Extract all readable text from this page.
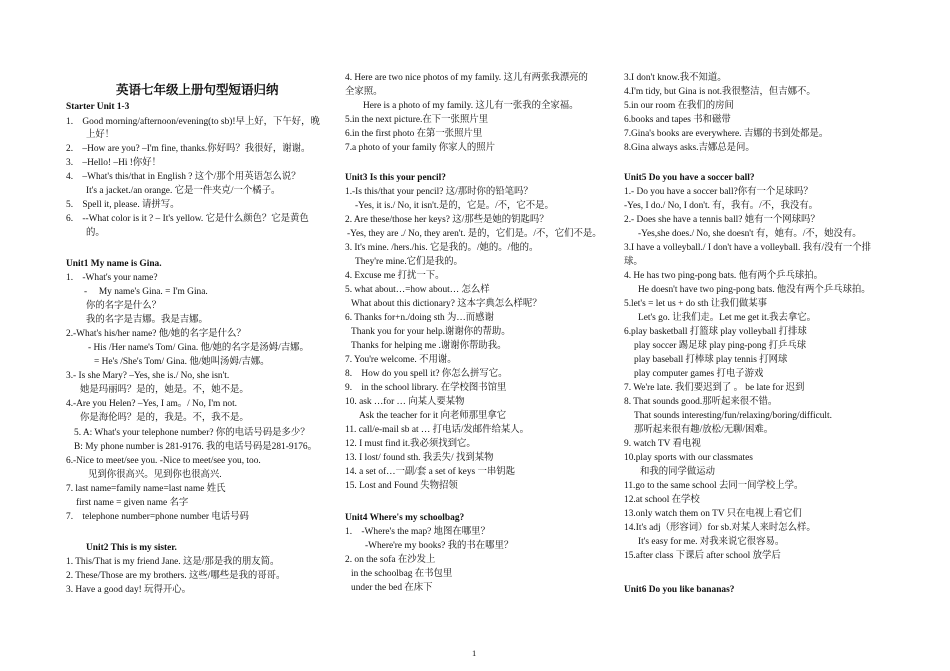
英语七年级上册句型短语归纳
Starter Unit 1-3
1.　Good morning/afternoon/evening(to sb)!早上好，下午好，晚
上好！
2.　–How are you? –I'm fine, thanks.你好吗？我很好，谢谢。
3.　–Hello! –Hi !你好！
4.　–What's this/that in English ? 这个/那个用英语怎么说？
It's a jacket./an orange. 它是一件夹克/一个橘子。
5.　Spell it, please. 请拼写。
6.　--What color is it ? – It's yellow. 它是什么颜色？它是黄色
的。
Unit1 My name is Gina.
1.　-What's your name?
-　 My name's Gina. = I'm Gina.
你的名字是什么？
我的名字是吉娜。我是吉娜。
2.-What's his/her name? 他/她的名字是什么？
- His /Her name's Tom/ Gina. 他/她的名字是汤姆/吉娜。
= He's /She's Tom/ Gina. 他/她叫汤姆/吉娜。
3.- Is she Mary? –Yes, she is./ No, she isn't.
她是玛丽吗？是的，她是。不，她不是。
4.-Are you Helen? –Yes, I am。/ No, I'm not.
你是海伦吗？是的，我是。不，我不是。
5. A: What's your telephone number? 你的电话号码是多少？
B: My phone number is 281-9176. 我的电话号码是281-9176。
6.-Nice to meet/see you. -Nice to meet/see you, too.
见到你很高兴。见到你也很高兴.
7. last name=family name=last name 姓氏
first name = given name 名字
7.　telephone number=phone number 电话号码
Unit2 This is my sister.
1. This/That is my friend Jane. 这是/那是我的朋友简。
2. These/Those are my brothers. 这些/哪些是我的哥哥。
3. Have a good day! 玩得开心。
4. Here are two nice photos of my family. 这儿有两张我漂亮的
全家照。
Here is a photo of my family. 这儿有一张我的全家福。
5.in the next picture.在下一张照片里
6.in the first photo 在第一张照片里
7.a photo of your family 你家人的照片
Unit3 Is this your pencil?
1.-Is this/that your pencil? 这/那时你的铅笔吗？
-Yes, it is./ No, it isn't.是的，它是。/不，它不是。
2. Are these/those her keys? 这/那些是她的钥匙吗？
-Yes, they are ./ No, they aren't. 是的，它们是。/不，它们不是。
3. It's mine. /hers./his. 它是我的。/她的。/他的。
They're mine.它们是我的。
4. Excuse me 打扰一下。
5. what about…=how about… 怎么样
What about this dictionary? 这本字典怎么样呢？
6. Thanks for+n./doing sth 为…而感谢
Thank you for your help.谢谢你的帮助。
Thanks for helping me .谢谢你帮助我。
7. You're welcome. 不用谢。
8.　How do you spell it? 你怎么拼写它。
9.　in the school library. 在学校图书馆里
10. ask …for … 向某人要某物
Ask the teacher for it 向老师那里拿它
11. call/e-mail sb at … 打电话/发邮件给某人。
12. I must find it.我必须找到它。
13. I lost/ found sth. 我丢失/ 找到某物
14. a set of…一副/套 a set of keys 一串钥匙
15. Lost and Found 失物招领
Unit4 Where's my schoolbag?
1.　-Where's the map? 地图在哪里？
-Where're my books? 我的书在哪里？
2. on the sofa 在沙发上
in the schoolbag 在书包里
under the bed 在床下
3.I don't know.我不知道。
4.I'm tidy, but Gina is not.我很整洁，但吉娜不。
5.in our room 在我们的房间
6.books and tapes 书和磁带
7.Gina's books are everywhere. 吉娜的书到处都是。
8.Gina always asks.吉娜总是问。
Unit5 Do you have a soccer ball?
1.- Do you have a soccer ball?你有一个足球吗？
-Yes, I do./ No, I don't. 有，我有。/不，我没有。
2.- Does she have a tennis ball? 她有一个网球吗？
-Yes,she does./ No, she doesn't 有，她有。/不，她没有。
3.I have a volleyball./ I don't have a volleyball. 我有/没有一个排
球。
4. He has two ping-pong bats. 他有两个乒乓球拍。
He doesn't have two ping-pong bats. 他没有两个乒乓球拍。
5.let's = let us + do sth 让我们做某事
Let's go. 让我们走。Let me get it.我去拿它。
6.play basketball 打篮球 play volleyball 打排球
play soccer 踢足球 play ping-pong 打乒乓球
play baseball 打棒球 play tennis 打网球
play computer games 打电子游戏
7. We're late. 我们要迟到了 。 be late for 迟到
8. That sounds good.那听起来很不错。
That sounds interesting/fun/relaxing/boring/difficult.
那听起来很有趣/放松/无聊/困难。
9. watch TV 看电视
10.play sports with our classmates
和我的同学做运动
11.go to the same school 去同一间学校上学。
12.at school 在学校
13.only watch them on TV 只在电视上看它们
14.It's adj（形容词）for sb.对某人来时怎么样。
It's easy for me. 对我来说它很容易。
15.after class 下课后 after school 放学后
Unit6 Do you like bananas?
1
